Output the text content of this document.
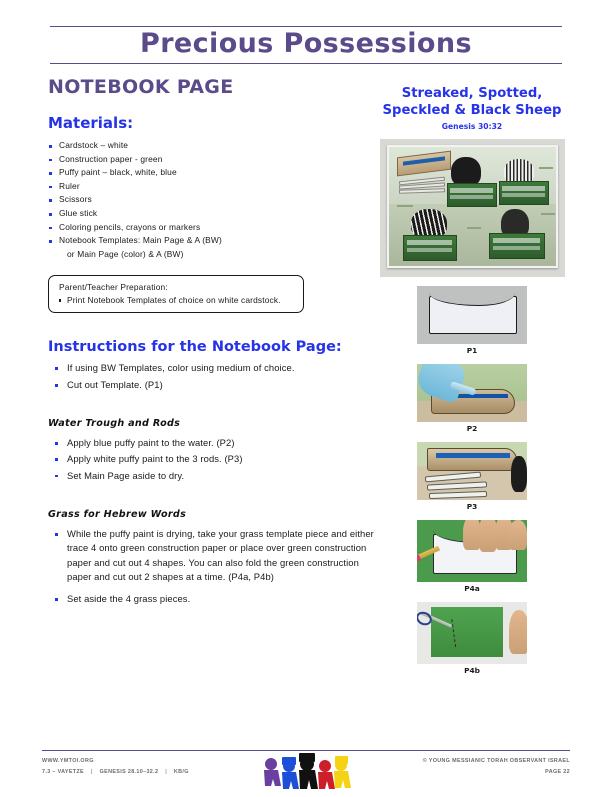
Precious Possessions
NOTEBOOK PAGE
Materials:
Cardstock – white
Construction paper - green
Puffy paint – black, white, blue
Ruler
Scissors
Glue stick
Coloring pencils, crayons or markers
Notebook Templates: Main Page & A (BW)
or Main Page (color) & A (BW)
Parent/Teacher Preparation:
Print Notebook Templates of choice on white cardstock.
Instructions for the Notebook Page:
If using BW Templates, color using medium of choice.
Cut out Template. (P1)
Water Trough and Rods
Apply blue puffy paint to the water. (P2)
Apply white puffy paint to the 3 rods. (P3)
Set Main Page aside to dry.
Grass for Hebrew Words
While the puffy paint is drying, take your grass template piece and either trace 4 onto green construction paper or place over green construction paper and cut out 4 shapes. You can also fold the green construction paper and cut out 2 shapes at a time. (P4a, P4b)
Set aside the 4 grass pieces.
Streaked, Spotted,
Speckled & Black Sheep
Genesis 30:32
P1
P2
P3
P4a
P4b
WWW.YMTOI.ORG
7.3 – VAYETZE | GENESIS 28.10–32.2 | KB/G
© YOUNG MESSIANIC TORAH OBSERVANT ISRAEL
PAGE 22
